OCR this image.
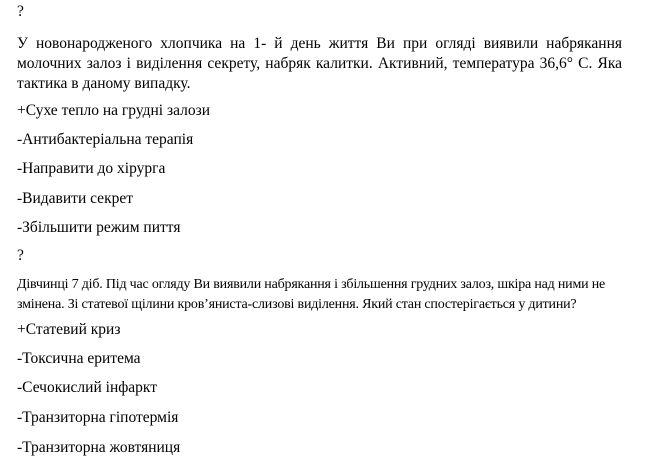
?
У новонародженого хлопчика на 1- й день життя Ви при огляді виявили набрякання молочних залоз і виділення секрету, набряк калитки. Активний, температура 36,6° С. Яка тактика в даному випадку.
+Сухе тепло на грудні залози
-Антибактеріальна терапія
-Направити до хірурга
-Видавити секрет
-Збільшити режим пиття
?
Дівчинці 7 діб. Під час огляду Ви виявили набрякання і збільшення грудних залоз, шкіра над ними не змінена. Зі статевої щілини кров’яниста-слизові виділення. Який стан спостерігається у дитини?
+Статевий криз
-Токсична еритема
-Сечокислий інфаркт
-Транзиторна гіпотермія
-Транзиторна жовтяниця
